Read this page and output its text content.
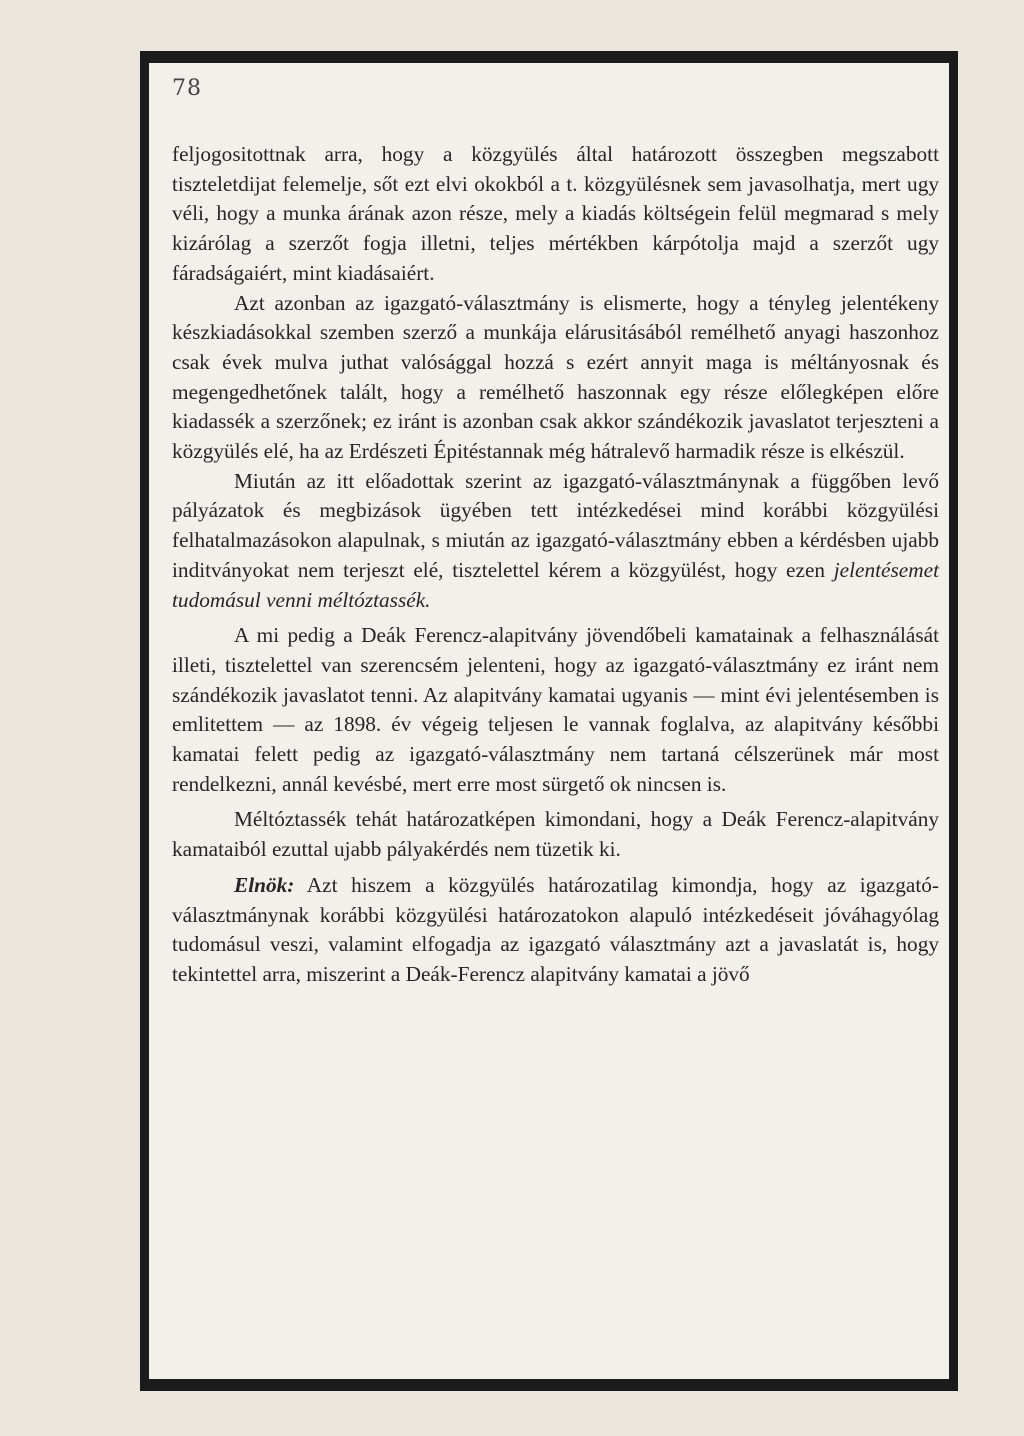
78

feljogositottnak arra, hogy a közgyülés által határozott összegben megszabott tiszteletdijat felemelje, sőt ezt elvi okokból a t. közgyülésnek sem javasolhatja, mert ugy véli, hogy a munka árának azon része, mely a kiadás költségein felül megmarad s mely kizárólag a szerzőt fogja illetni, teljes mértékben kárpótolja majd a szerzőt ugy fáradságaiért, mint kiadásaiért.

Azt azonban az igazgató-választmány is elismerte, hogy a tényleg jelentékeny készkiadásokkal szemben szerző a munkája elárusitásából remélhető anyagi haszonhoz csak évek mulva juthat valósággal hozzá s ezért annyit maga is méltányosnak és megengedhetőnek talált, hogy a remélhető haszonnak egy része előlegképen előre kiadassék a szerzőnek; ez iránt is azonban csak akkor szándékozik javaslatot terjeszteni a közgyülés elé, ha az Erdészeti Épitéstannak még hátralevő harmadik része is elkészül.

Miután az itt előadottak szerint az igazgató-választmánynak a függőben levő pályázatok és megbizások ügyében tett intézkedései mind korábbi közgyülési felhatalmazásokon alapulnak, s miután az igazgató-választmány ebben a kérdésben ujabb inditványokat nem terjeszt elé, tisztelettel kérem a közgyülést, hogy ezen jelentésemet tudomásul venni méltóztassék.

A mi pedig a Deák Ferencz-alapitvány jövendőbeli kamatainak a felhasználását illeti, tisztelettel van szerencsém jelenteni, hogy az igazgató-választmány ez iránt nem szándékozik javaslatot tenni. Az alapitvány kamatai ugyanis — mint évi jelentésemben is emlitettem — az 1898. év végeig teljesen le vannak foglalva, az alapitvány későbbi kamatai felett pedig az igazgató-választmány nem tartaná célszerünek már most rendelkezni, annál kevésbé, mert erre most sürgető ok nincsen is.

Méltóztassék tehát határozatképen kimondani, hogy a Deák Ferencz-alapitvány kamataiból ezuttal ujabb pályakérdés nem tüzetik ki.

Elnök: Azt hiszem a közgyülés határozatilag kimondja, hogy az igazgató-választmánynak korábbi közgyülési határozatokon alapuló intézkedéseit jóváhagyólag tudomásul veszi, valamint elfogadja az igazgató választmány azt a javaslatát is, hogy tekintettel arra, miszerint a Deák-Ferencz alapitvány kamatai a jövő
